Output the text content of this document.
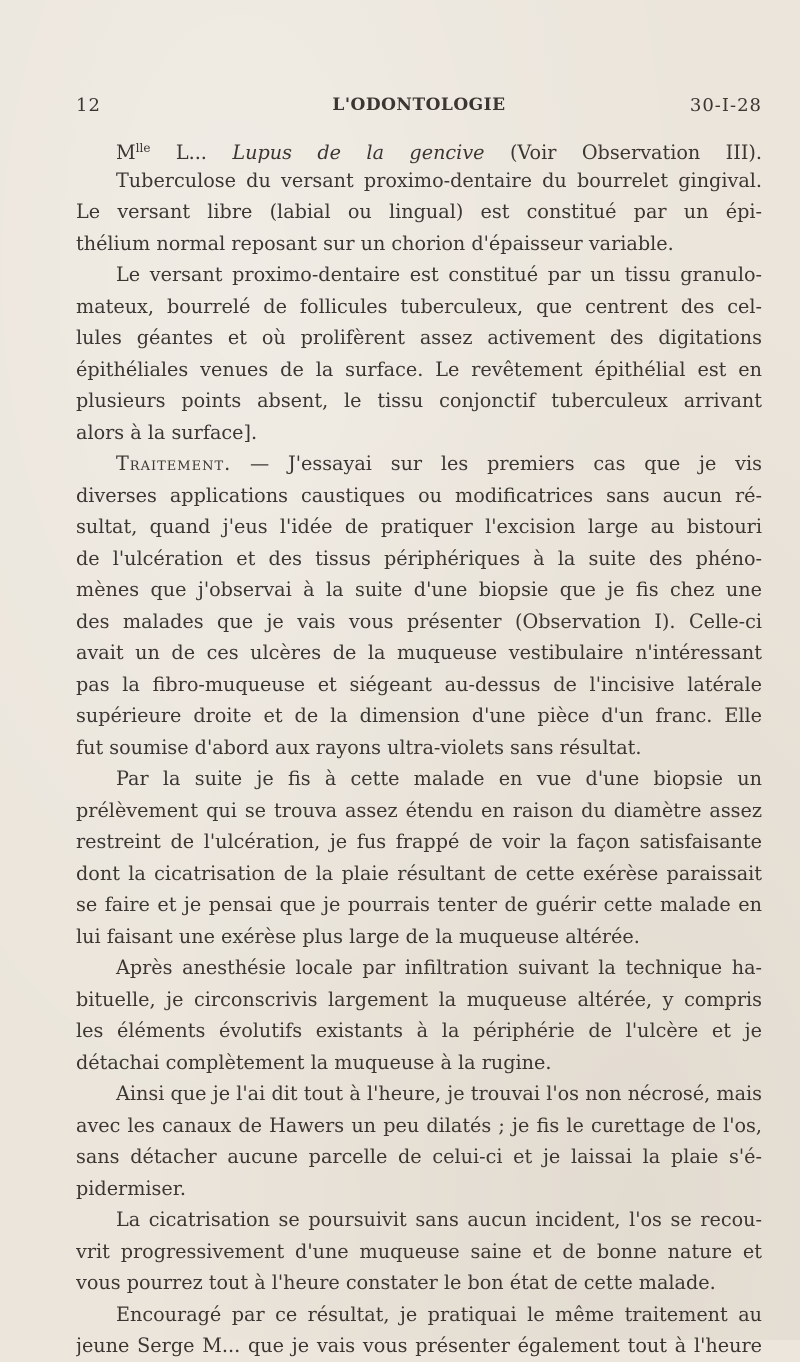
12	L'ODONTOLOGIE	30-I-28
$M^{lle}$ L... Lupus de la gencive (Voir Observation III).
Tuberculose du versant proximo-dentaire du bourrelet gingival.
Le versant libre (labial ou lingual) est constitué par un épi-
thélium normal reposant sur un chorion d'épaisseur variable.
Le versant proximo-dentaire est constitué par un tissu granulo-
mateux, bourrelé de follicules tuberculeux, que centrent des cel-
lules géantes et où prolifèrent assez activement des digitations
épithéliales venues de la surface. Le revêtement épithélial est en
plusieurs points absent, le tissu conjonctif tuberculeux arrivant
alors à la surface].
Traitement. — J'essayai sur les premiers cas que je vis
diverses applications caustiques ou modificatrices sans aucun ré-
sultat, quand j'eus l'idée de pratiquer l'excision large au bistouri
de l'ulcération et des tissus périphériques à la suite des phéno-
mènes que j'observai à la suite d'une biopsie que je fis chez une
des malades que je vais vous présenter (Observation I). Celle-ci
avait un de ces ulcères de la muqueuse vestibulaire n'intéressant
pas la fibro-muqueuse et siégeant au-dessus de l'incisive latérale
supérieure droite et de la dimension d'une pièce d'un franc. Elle
fut soumise d'abord aux rayons ultra-violets sans résultat.
Par la suite je fis à cette malade en vue d'une biopsie un
prélèvement qui se trouva assez étendu en raison du diamètre assez
restreint de l'ulcération, je fus frappé de voir la façon satisfaisante
dont la cicatrisation de la plaie résultant de cette exérèse paraissait
se faire et je pensai que je pourrais tenter de guérir cette malade en
lui faisant une exérèse plus large de la muqueuse altérée.
Après anesthésie locale par infiltration suivant la technique ha-
bituelle, je circonscrivis largement la muqueuse altérée, y compris
les éléments évolutifs existants à la périphérie de l'ulcère et je
détachai complètement la muqueuse à la rugine.
Ainsi que je l'ai dit tout à l'heure, je trouvai l'os non nécrosé, mais
avec les canaux de Hawers un peu dilatés ; je fis le curettage de l'os,
sans détacher aucune parcelle de celui-ci et je laissai la plaie s'é-
pidermiser.
La cicatrisation se poursuivit sans aucun incident, l'os se recou-
vrit progressivement d'une muqueuse saine et de bonne nature et
vous pourrez tout à l'heure constater le bon état de cette malade.
Encouragé par ce résultat, je pratiquai le même traitement au
jeune Serge M... que je vais vous présenter également tout à l'heure
